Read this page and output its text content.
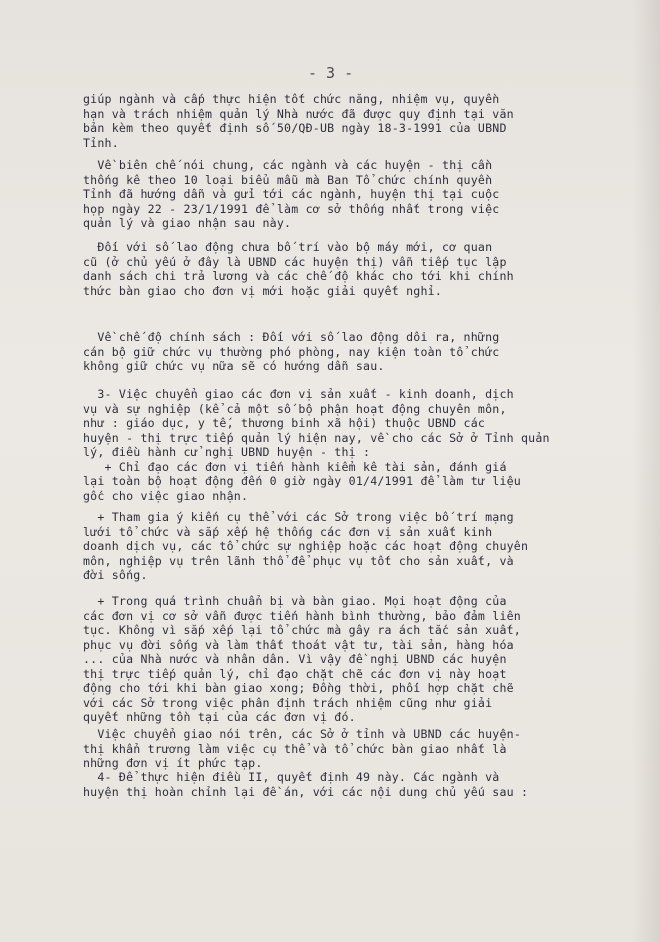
- 3 -

giúp ngành và cấp thực hiện tốt chức năng, nhiệm vụ, quyền
hạn và trách nhiệm quản lý Nhà nước đã được quy định tại văn
bản kèm theo quyết định số 50/QĐ-UB ngày 18-3-1991 của UBND
Tỉnh.

Về biên chế nói chung, các ngành và các huyện - thị cần
thống kê theo 10 loại biểu mẫu mà Ban Tổ chức chính quyền
Tỉnh đã hướng dẫn và gửi tới các ngành, huyện thị tại cuộc
họp ngày 22 - 23/1/1991 để làm cơ sở thống nhất trong việc
quản lý và giao nhận sau này.

Đối với số lao động chưa bố trí vào bộ máy mới, cơ quan
cũ (ở chủ yếu ở đây là UBND các huyện thị) vẫn tiếp tục lập
danh sách chi trả lương và các chế độ khác cho tới khi chính
thức bàn giao cho đơn vị mới hoặc giải quyết nghỉ.

Về chế độ chính sách : Đối với số lao động dôi ra, những
cán bộ giữ chức vụ thường phó phòng, nay kiện toàn tổ chức
không giữ chức vụ nữa sẽ có hướng dẫn sau.

3- Việc chuyển giao các đơn vị sản xuất - kinh doanh, dịch
vụ và sự nghiệp (kể cả một số bộ phận hoạt động chuyên môn,
như : giáo dục, y tế, thương binh xã hội) thuộc UBND các
huyện - thị trực tiếp quản lý hiện nay, về cho các Sở ở Tỉnh quản
lý, điều hành cử nghị UBND huyện - thị :
+ Chỉ đạo các đơn vị tiến hành kiểm kê tài sản, đánh giá
lại toàn bộ hoạt động đến 0 giờ ngày 01/4/1991 để làm tư liệu
gốc cho việc giao nhận.

+ Tham gia ý kiến cụ thể với các Sở trong việc bố trí mạng
lưới tổ chức và sắp xếp hệ thống các đơn vị sản xuất kinh
doanh dịch vụ, các tổ chức sự nghiệp hoặc các hoạt động chuyên
môn, nghiệp vụ trên lãnh thổ để phục vụ tốt cho sản xuất, và
đời sống.

+ Trong quá trình chuẩn bị và bàn giao. Mọi hoạt động của
các đơn vị cơ sở vẫn được tiến hành bình thường, bảo đảm liên
tục. Không vì sắp xếp lại tổ chức mà gây ra ách tắc sản xuất,
phục vụ đời sống và làm thất thoát vật tư, tài sản, hàng hóa
... của Nhà nước và nhân dân. Vì vậy đề nghị UBND các huyện
thị trực tiếp quản lý, chỉ đạo chặt chẽ các đơn vị này hoạt
động cho tới khi bàn giao xong; Đồng thời, phối hợp chặt chẽ
với các Sở trong việc phân định trách nhiệm cũng như giải
quyết những tồn tại của các đơn vị đó.

Việc chuyển giao nói trên, các Sở ở tỉnh và UBND các huyện-
thị khẩn trương làm việc cụ thể và tổ chức bàn giao nhất là
những đơn vị ít phức tạp.

4- Để thực hiện điều II, quyết định 49 này. Các ngành và
huyện thị hoàn chỉnh lại đề án, với các nội dung chủ yếu sau :
